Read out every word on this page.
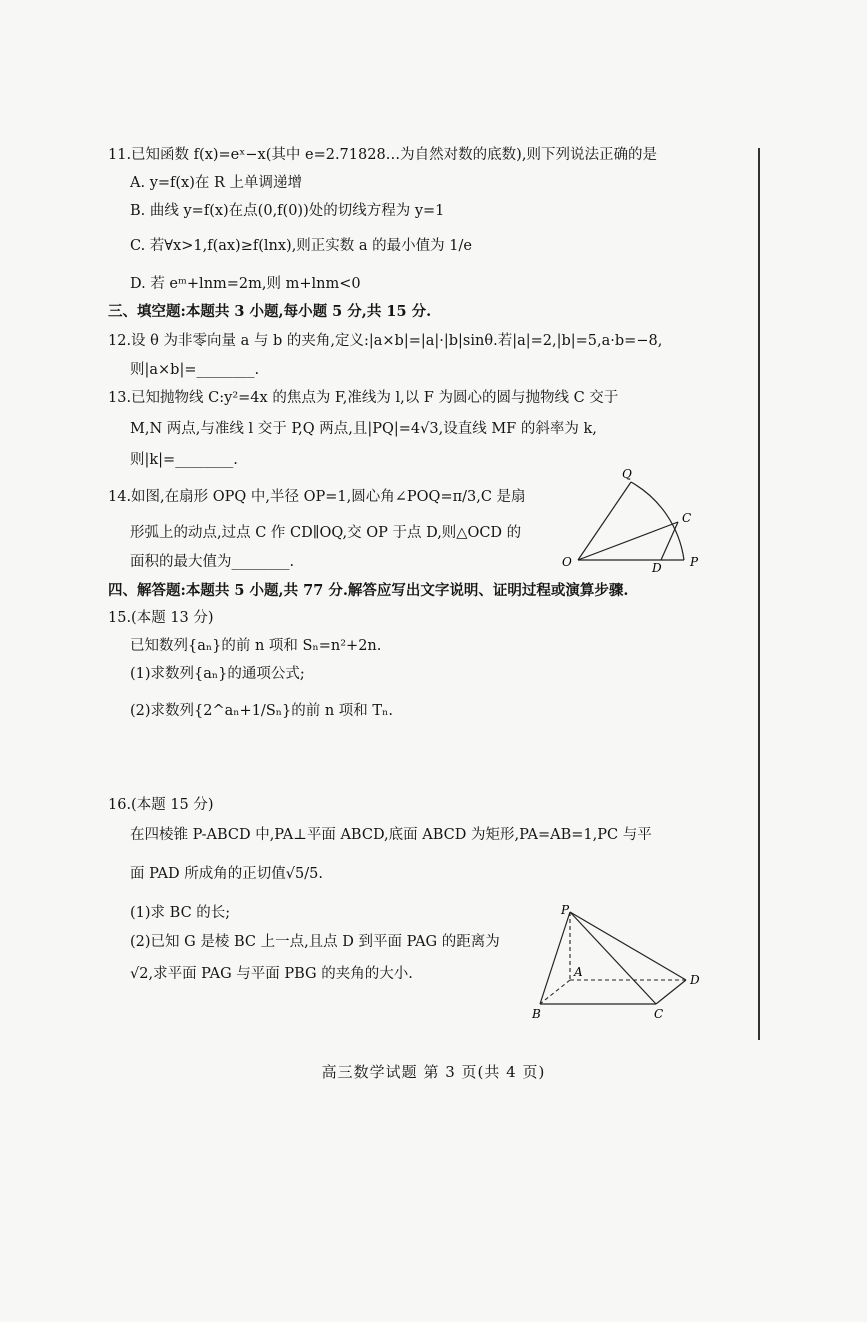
11.已知函数 f(x)=eˣ−x(其中 e=2.71828…为自然对数的底数),则下列说法正确的是
A. y=f(x)在 R 上单调递增
B. 曲线 y=f(x)在点(0,f(0))处的切线方程为 y=1
C. 若∀x>1,f(ax)≥f(lnx),则正实数 a 的最小值为 1/e
D. 若 eᵐ+lnm=2m,则 m+lnm<0
三、填空题:本题共 3 小题,每小题 5 分,共 15 分.
12.设 θ 为非零向量 a 与 b 的夹角,定义:|a×b|=|a|·|b|sinθ.若|a|=2,|b|=5,a·b=−8,
则|a×b|=________.
13.已知抛物线 C:y²=4x 的焦点为 F,准线为 l,以 F 为圆心的圆与抛物线 C 交于
M,N 两点,与准线 l 交于 P,Q 两点,且|PQ|=4√3,设直线 MF 的斜率为 k,
则|k|=________.
14.如图,在扇形 OPQ 中,半径 OP=1,圆心角∠POQ=π/3,C 是扇
形弧上的动点,过点 C 作 CD∥OQ,交 OP 于点 D,则△OCD 的
面积的最大值为________.	O	P
Q
C
D
四、解答题:本题共 5 小题,共 77 分.解答应写出文字说明、证明过程或演算步骤.
15.(本题 13 分)
已知数列{aₙ}的前 n 项和 Sₙ=n²+2n.
(1)求数列{aₙ}的通项公式;
(2)求数列{2^aₙ+1/Sₙ}的前 n 项和 Tₙ.
16.(本题 15 分)
在四棱锥 P-ABCD 中,PA⊥平面 ABCD,底面 ABCD 为矩形,PA=AB=1,PC 与平
面 PAD 所成角的正切值√5/5.
(1)求 BC 的长;
(2)已知 G 是棱 BC 上一点,且点 D 到平面 PAG 的距离为
√2,求平面 PAG 与平面 PBG 的夹角的大小.
P
A
B	C
D
高三数学试题 第 3 页(共 4 页)
